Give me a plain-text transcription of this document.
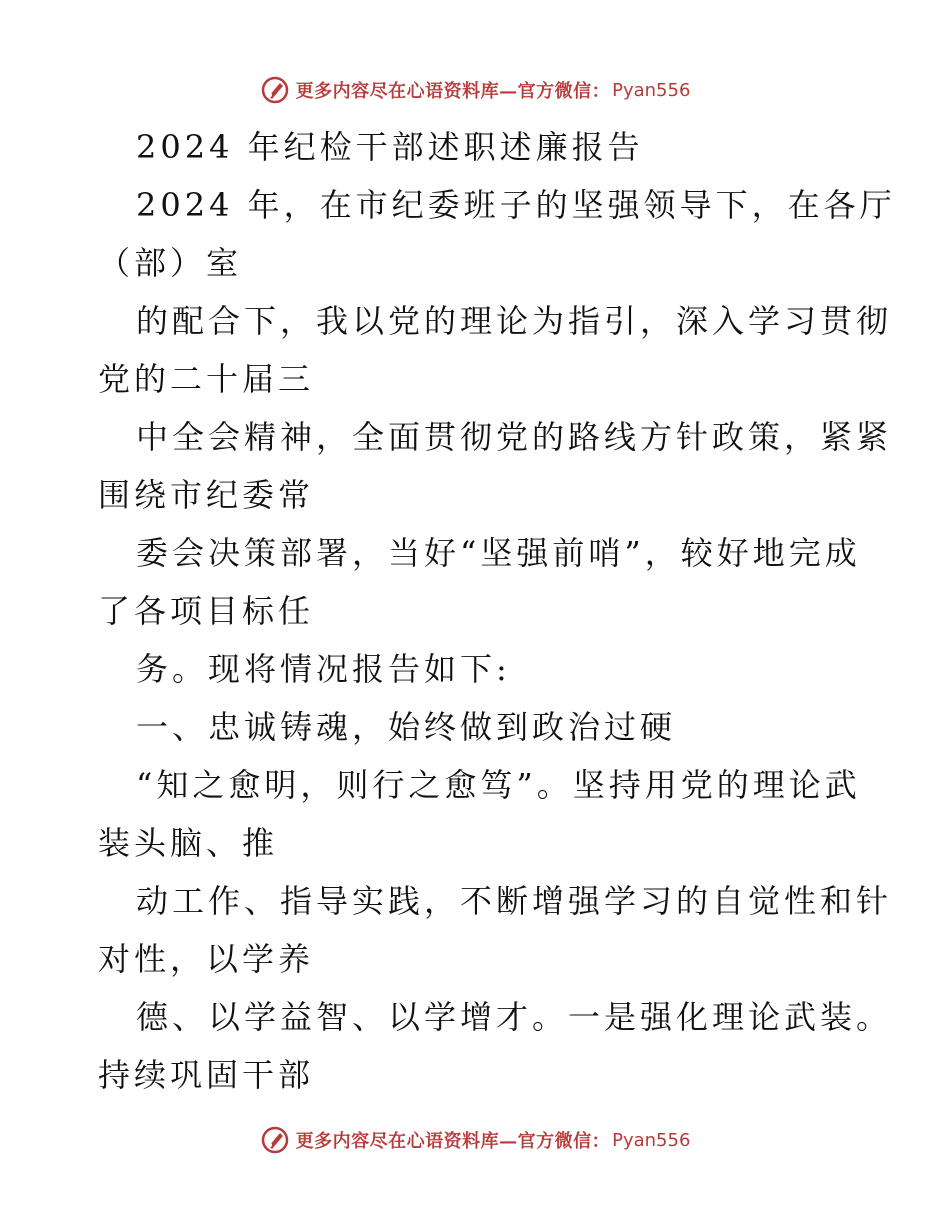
更多内容尽在心语资料库—官方微信： Pyan556
2024 年纪检干部述职述廉报告
2024 年，在市纪委班子的坚强领导下，在各厅
（部）室
的配合下，我以党的理论为指引，深入学习贯彻
党的二十届三
中全会精神，全面贯彻党的路线方针政策，紧紧
围绕市纪委常
委会决策部署，当好“坚强前哨”，较好地完成
了各项目标任
务。现将情况报告如下:
一、忠诚铸魂，始终做到政治过硬
“知之愈明，则行之愈笃”。坚持用党的理论武
装头脑、推
动工作、指导实践，不断增强学习的自觉性和针
对性，以学养
德、以学益智、以学增才。一是强化理论武装。
持续巩固干部
更多内容尽在心语资料库—官方微信： Pyan556
